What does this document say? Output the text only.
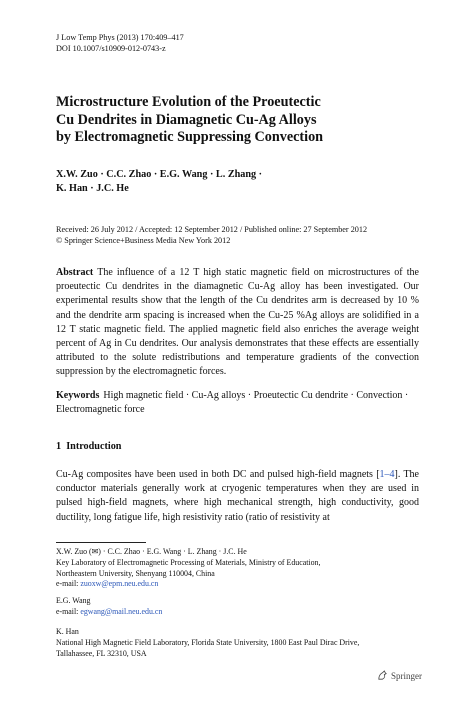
J Low Temp Phys (2013) 170:409–417
DOI 10.1007/s10909-012-0743-z
Microstructure Evolution of the Proeutectic
Cu Dendrites in Diamagnetic Cu-Ag Alloys
by Electromagnetic Suppressing Convection
X.W. Zuo · C.C. Zhao · E.G. Wang · L. Zhang ·
K. Han · J.C. He
Received: 26 July 2012 / Accepted: 12 September 2012 / Published online: 27 September 2012
© Springer Science+Business Media New York 2012
Abstract The influence of a 12 T high static magnetic field on microstructures of the proeutectic Cu dendrites in the diamagnetic Cu-Ag alloy has been investigated. Our experimental results show that the length of the Cu dendrites arm is decreased by 10 % and the dendrite arm spacing is increased when the Cu-25 %Ag alloys are solidified in a 12 T static magnetic field. The applied magnetic field also enriches the average weight percent of Ag in Cu dendrites. Our analysis demonstrates that these effects are essentially attributed to the solute redistributions and temperature gradients of the convection suppression by the electromagnetic forces.
Keywords High magnetic field · Cu-Ag alloys · Proeutectic Cu dendrite · Convection · Electromagnetic force
1 Introduction
Cu-Ag composites have been used in both DC and pulsed high-field magnets [1–4]. The conductor materials generally work at cryogenic temperatures when they are used in pulsed high-field magnets, where high mechanical strength, high conductivity, good ductility, long fatigue life, high resistivity ratio (ratio of resistivity at
X.W. Zuo (✉) · C.C. Zhao · E.G. Wang · L. Zhang · J.C. He
Key Laboratory of Electromagnetic Processing of Materials, Ministry of Education,
Northeastern University, Shenyang 110004, China
e-mail: zuoxw@epm.neu.edu.cn
E.G. Wang
e-mail: egwang@mail.neu.edu.cn
K. Han
National High Magnetic Field Laboratory, Florida State University, 1800 East Paul Dirac Drive,
Tallahassee, FL 32310, USA
Springer
